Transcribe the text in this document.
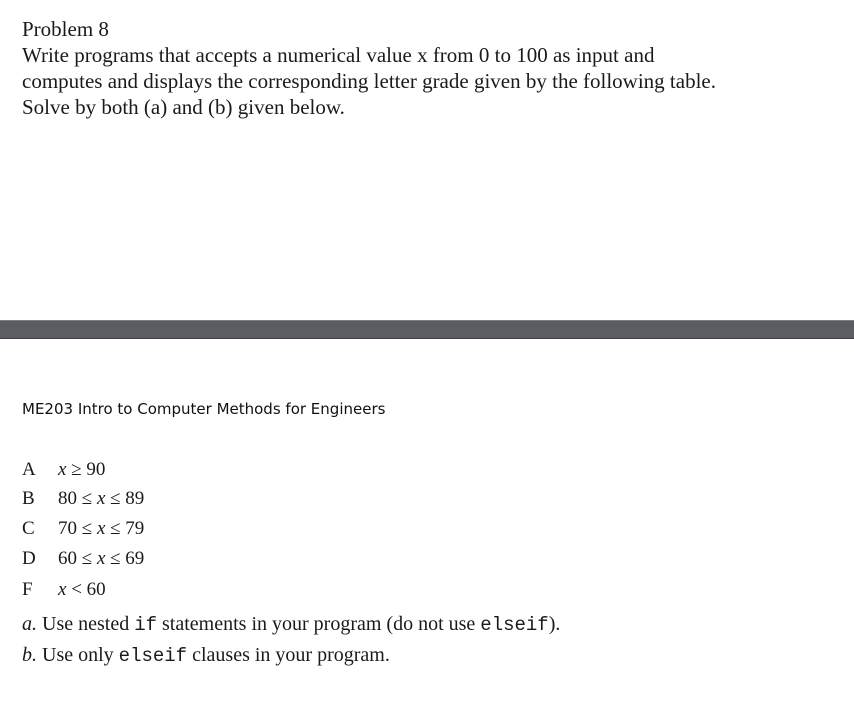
Problem 8
Write programs that accepts a numerical value x from 0 to 100 as input and
computes and displays the corresponding letter grade given by the following table.
Solve by both (a) and (b) given below.
ME203 Intro to Computer Methods for Engineers
A	x ≥ 90
B	80 ≤ x ≤ 89
C	70 ≤ x ≤ 79
D	60 ≤ x ≤ 69
F	x < 60
a. Use nested if statements in your program (do not use elseif).
b. Use only elseif clauses in your program.
